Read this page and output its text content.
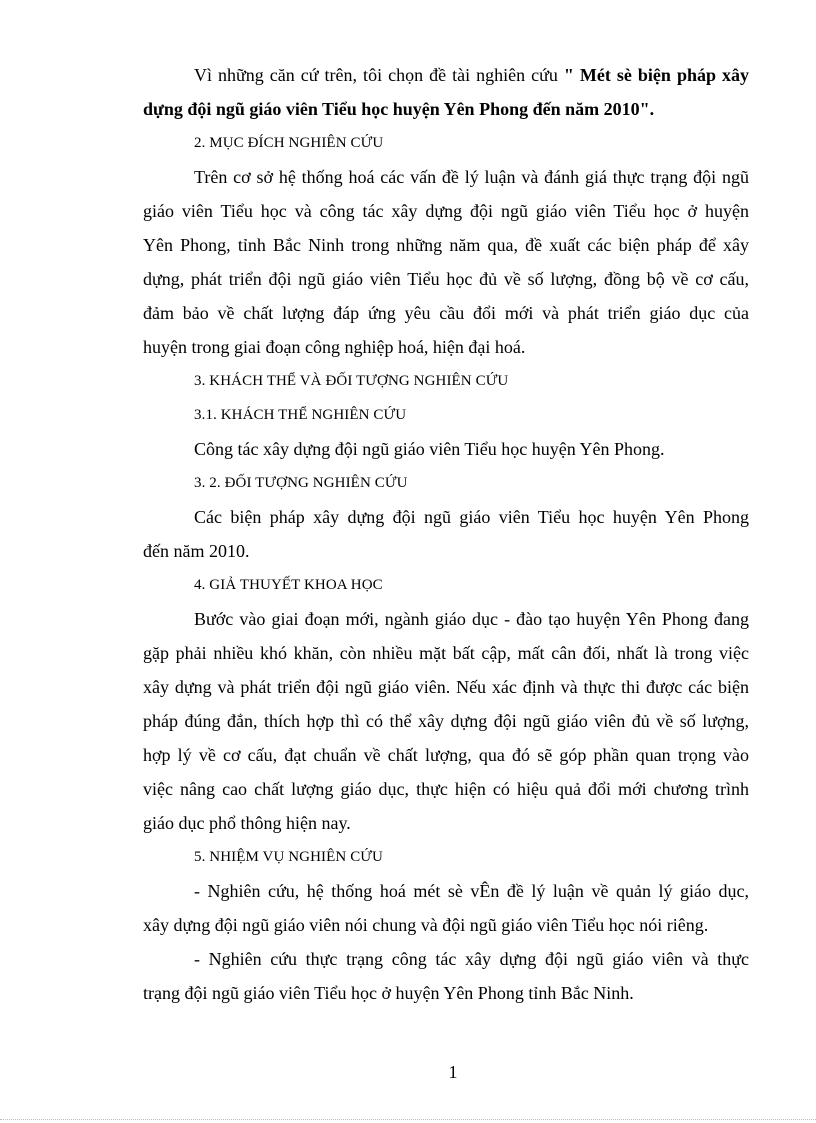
Vì những căn cứ trên, tôi chọn đề tài nghiên cứu " Mét sè biện pháp xây
dựng đội ngũ giáo viên Tiểu học huyện Yên Phong đến năm 2010".
2. MỤC ĐÍCH NGHIÊN CỨU
Trên cơ sở hệ thống hoá các vấn đề lý luận và đánh giá thực trạng đội ngũ
giáo viên Tiểu học và công tác xây dựng đội ngũ giáo viên Tiểu học ở huyện
Yên Phong, tỉnh Bắc Ninh trong những năm qua, đề xuất các biện pháp để xây
dựng, phát triển đội ngũ giáo viên Tiểu học đủ về số lượng, đồng bộ về cơ cấu,
đảm bảo về chất lượng đáp ứng yêu cầu đổi mới và phát triển giáo dục của
huyện trong giai đoạn công nghiệp hoá, hiện đại hoá.
3. KHÁCH THỂ VÀ ĐỐI TƯỢNG NGHIÊN CỨU
3.1. KHÁCH THỂ NGHIÊN CỨU
Công tác xây dựng đội ngũ giáo viên Tiểu học huyện Yên Phong.
3. 2. ĐỐI TƯỢNG NGHIÊN CỨU
Các biện pháp xây dựng đội ngũ giáo viên Tiểu học huyện Yên Phong
đến năm 2010.
4. GIẢ THUYẾT KHOA HỌC
Bước vào giai đoạn mới, ngành giáo dục - đào tạo huyện Yên Phong đang
gặp phải nhiều khó khăn, còn nhiều mặt bất cập, mất cân đối, nhất là trong việc
xây dựng và phát triển đội ngũ giáo viên. Nếu xác định và thực thi được các biện
pháp đúng đắn, thích hợp thì có thể xây dựng đội ngũ giáo viên đủ về số lượng,
hợp lý về cơ cấu, đạt chuẩn về chất lượng, qua đó sẽ góp phần quan trọng vào
việc nâng cao chất lượng giáo dục, thực hiện có hiệu quả đổi mới chương trình
giáo dục phổ thông hiện nay.
5. NHIỆM VỤ NGHIÊN CỨU
- Nghiên cứu, hệ thống hoá mét sè vÊn đề lý luận về quản lý giáo dục,
xây dựng đội ngũ giáo viên nói chung và đội ngũ giáo viên Tiểu học nói riêng.
- Nghiên cứu thực trạng công tác xây dựng đội ngũ giáo viên và thực
trạng đội ngũ giáo viên Tiểu học ở huyện Yên Phong tỉnh Bắc Ninh.
1
